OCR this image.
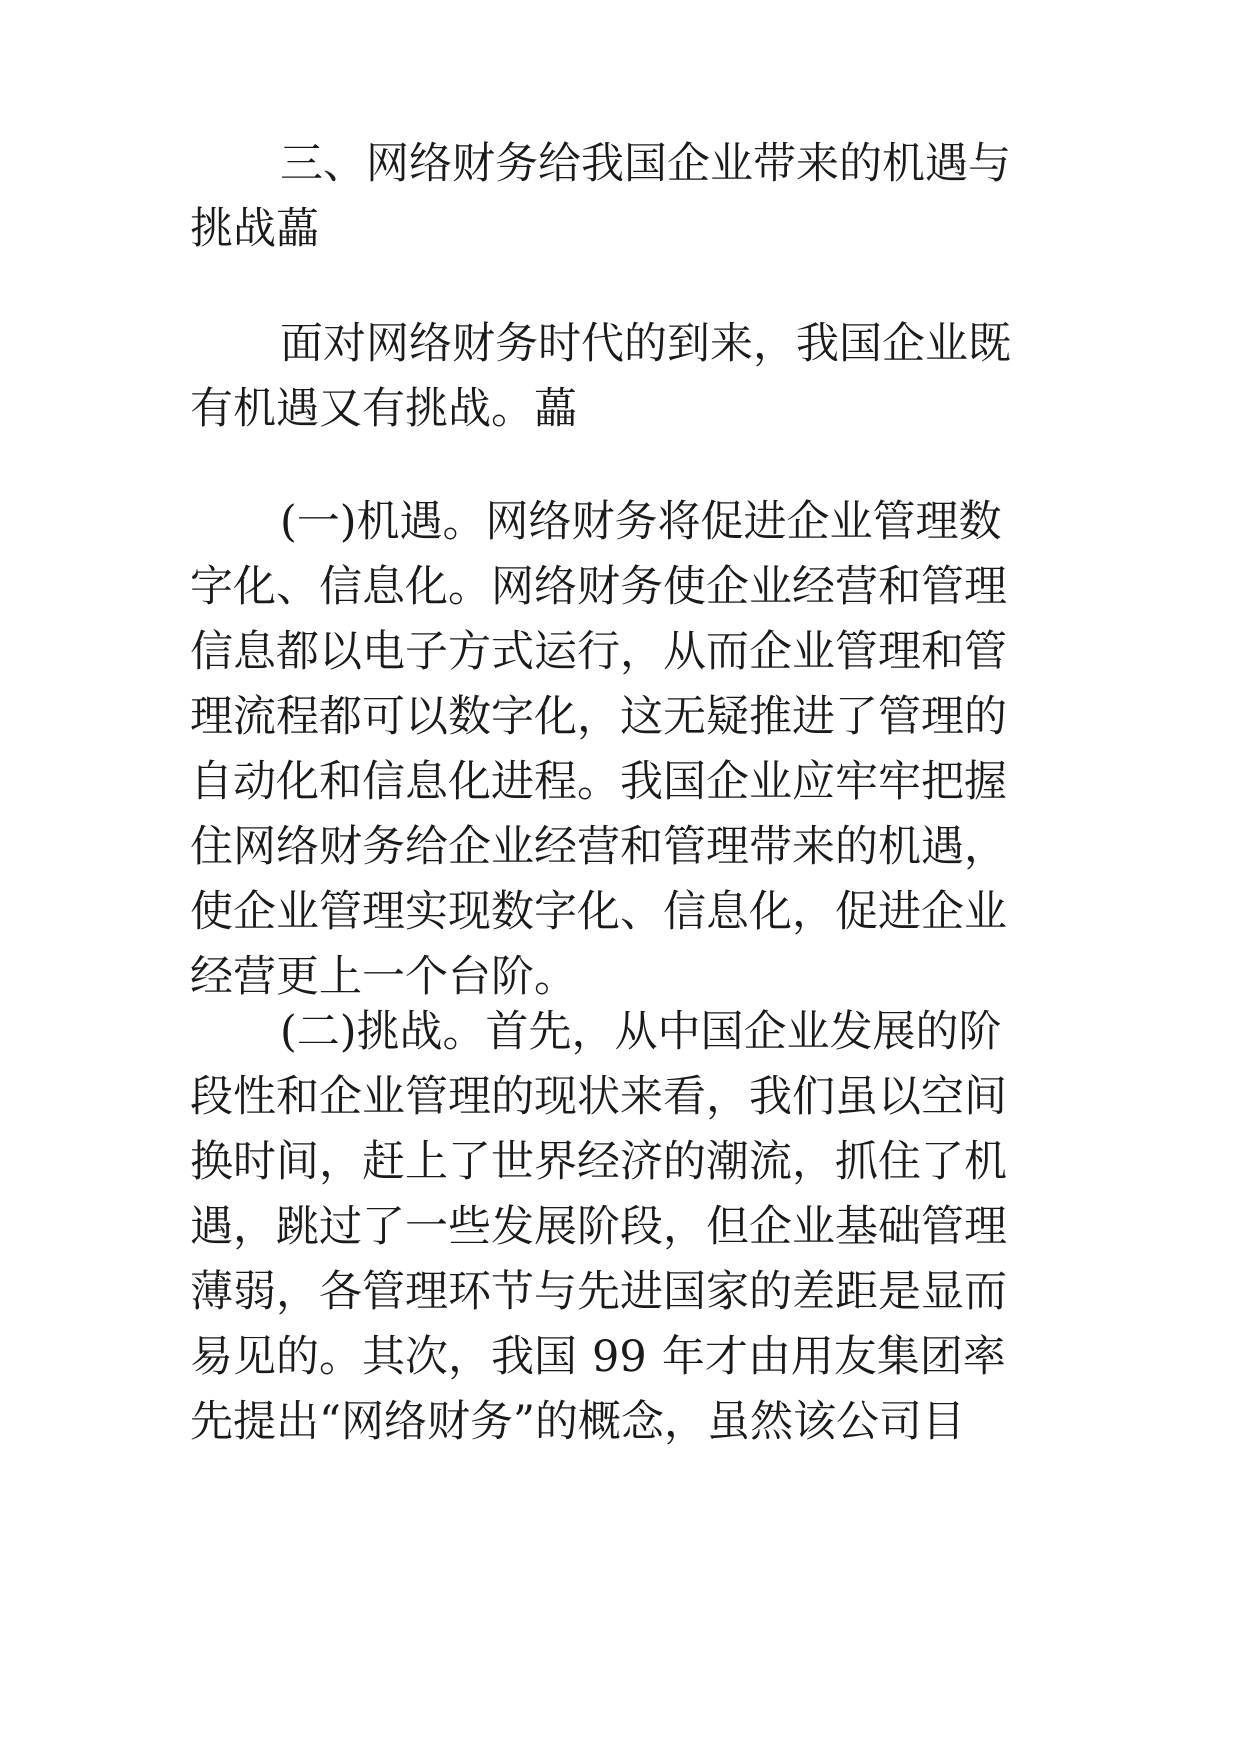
三、网络财务给我国企业带来的机遇与
挑战藟
面对网络财务时代的到来，我国企业既
有机遇又有挑战。藟
(一)机遇。网络财务将促进企业管理数
字化、信息化。网络财务使企业经营和管理
信息都以电子方式运行，从而企业管理和管
理流程都可以数字化，这无疑推进了管理的
自动化和信息化进程。我国企业应牢牢把握
住网络财务给企业经营和管理带来的机遇，
使企业管理实现数字化、信息化，促进企业
经营更上一个台阶。
(二)挑战。首先，从中国企业发展的阶
段性和企业管理的现状来看，我们虽以空间
换时间，赶上了世界经济的潮流，抓住了机
遇，跳过了一些发展阶段，但企业基础管理
薄弱，各管理环节与先进国家的差距是显而
易见的。其次，我国 99 年才由用友集团率
先提出“网络财务”的概念，虽然该公司目
